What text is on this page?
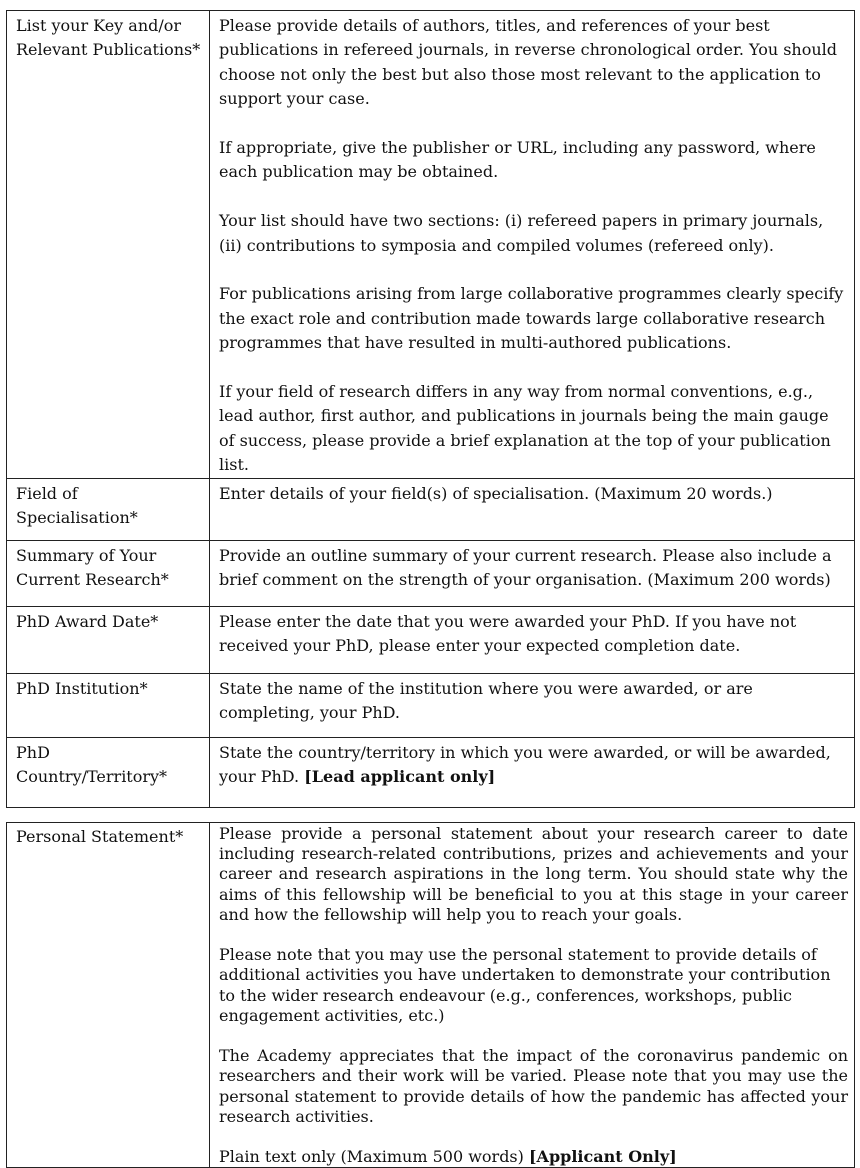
List your Key and/or Relevant Publications*	Please provide details of authors, titles, and references of your best publications in refereed journals, in reverse chronological order. You should choose not only the best but also those most relevant to the application to support your case.

If appropriate, give the publisher or URL, including any password, where each publication may be obtained.

Your list should have two sections: (i) refereed papers in primary journals, (ii) contributions to symposia and compiled volumes (refereed only).

For publications arising from large collaborative programmes clearly specify the exact role and contribution made towards large collaborative research programmes that have resulted in multi-authored publications.

If your field of research differs in any way from normal conventions, e.g., lead author, first author, and publications in journals being the main gauge of success, please provide a brief explanation at the top of your publication list.

Field of Specialisation*	Enter details of your field(s) of specialisation. (Maximum 20 words.)
Summary of Your Current Research*	Provide an outline summary of your current research. Please also include a brief comment on the strength of your organisation. (Maximum 200 words)
PhD Award Date*	Please enter the date that you were awarded your PhD. If you have not received your PhD, please enter your expected completion date.
PhD Institution*	State the name of the institution where you were awarded, or are completing, your PhD.
PhD Country/Territory*	State the country/territory in which you were awarded, or will be awarded, your PhD. [Lead applicant only]
Personal Statement*	Please provide a personal statement about your research career to date including research-related contributions, prizes and achievements and your career and research aspirations in the long term. You should state why the aims of this fellowship will be beneficial to you at this stage in your career and how the fellowship will help you to reach your goals.

Please note that you may use the personal statement to provide details of additional activities you have undertaken to demonstrate your contribution to the wider research endeavour (e.g., conferences, workshops, public engagement activities, etc.)

The Academy appreciates that the impact of the coronavirus pandemic on researchers and their work will be varied. Please note that you may use the personal statement to provide details of how the pandemic has affected your research activities.

Plain text only (Maximum 500 words) [Applicant Only]
